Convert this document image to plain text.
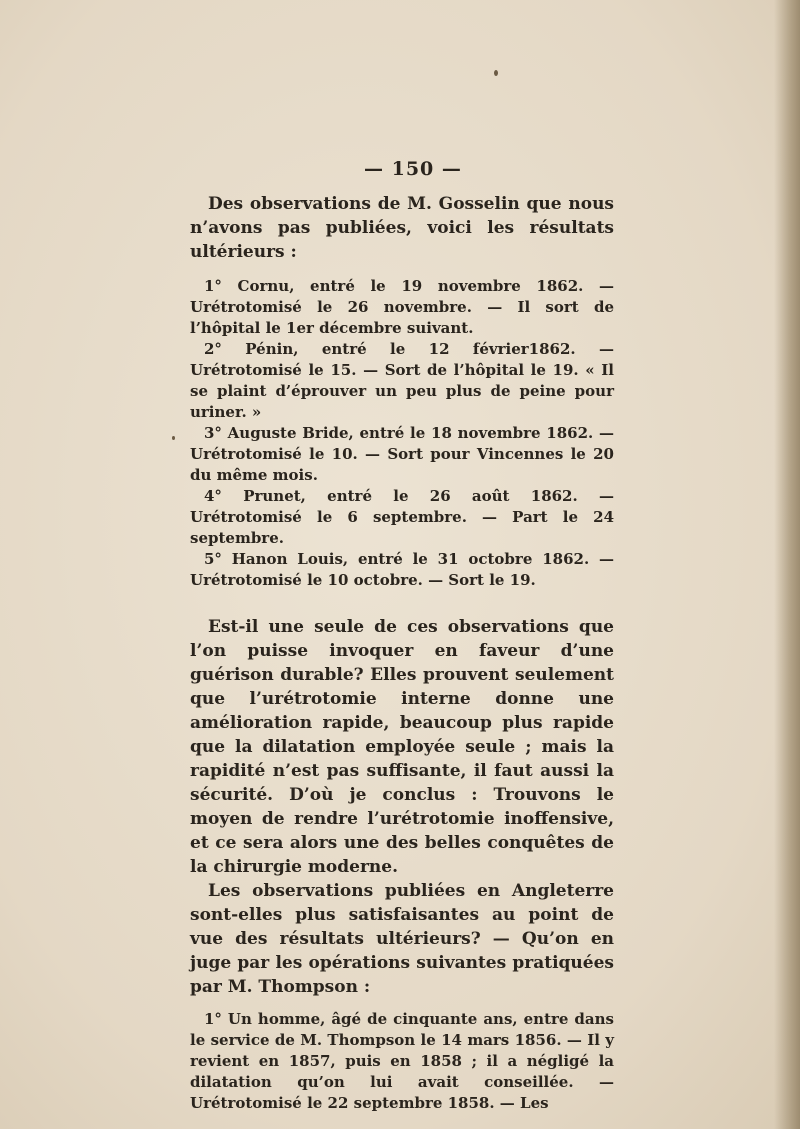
— 150 —

Des observations de M. Gosselin que nous n’avons pas publiées, voici les résultats ultérieurs :

1° Cornu, entré le 19 novembre 1862. — Urétrotomisé le 26 novembre. — Il sort de l’hôpital le 1er décembre suivant.

2° Pénin, entré le 12 février1862. — Urétrotomisé le 15. — Sort de l’hôpital le 19. « Il se plaint d’éprouver un peu plus de peine pour uriner. »

3° Auguste Bride, entré le 18 novembre 1862. — Urétrotomisé le 10. — Sort pour Vincennes le 20 du même mois.

4° Prunet, entré le 26 août 1862. — Urétrotomisé le 6 septembre. — Part le 24 septembre.

5° Hanon Louis, entré le 31 octobre 1862. — Urétrotomisé le 10 octobre. — Sort le 19.

Est-il une seule de ces observations que l’on puisse invoquer en faveur d’une guérison durable? Elles prouvent seulement que l’urétrotomie interne donne une amélioration rapide, beaucoup plus rapide que la dilatation employée seule ; mais la rapidité n’est pas suffisante, il faut aussi la sécurité. D’où je conclus : Trouvons le moyen de rendre l’urétrotomie inoffensive, et ce sera alors une des belles conquêtes de la chirurgie moderne.

Les observations publiées en Angleterre sont-elles plus satisfaisantes au point de vue des résultats ultérieurs? — Qu’on en juge par les opérations suivantes pratiquées par M. Thompson :

1° Un homme, âgé de cinquante ans, entre dans le service de M. Thompson le 14 mars 1856. — Il y revient en 1857, puis en 1858 ; il a négligé la dilatation qu’on lui avait conseillée. — Urétrotomisé le 22 septembre 1858. — Les
